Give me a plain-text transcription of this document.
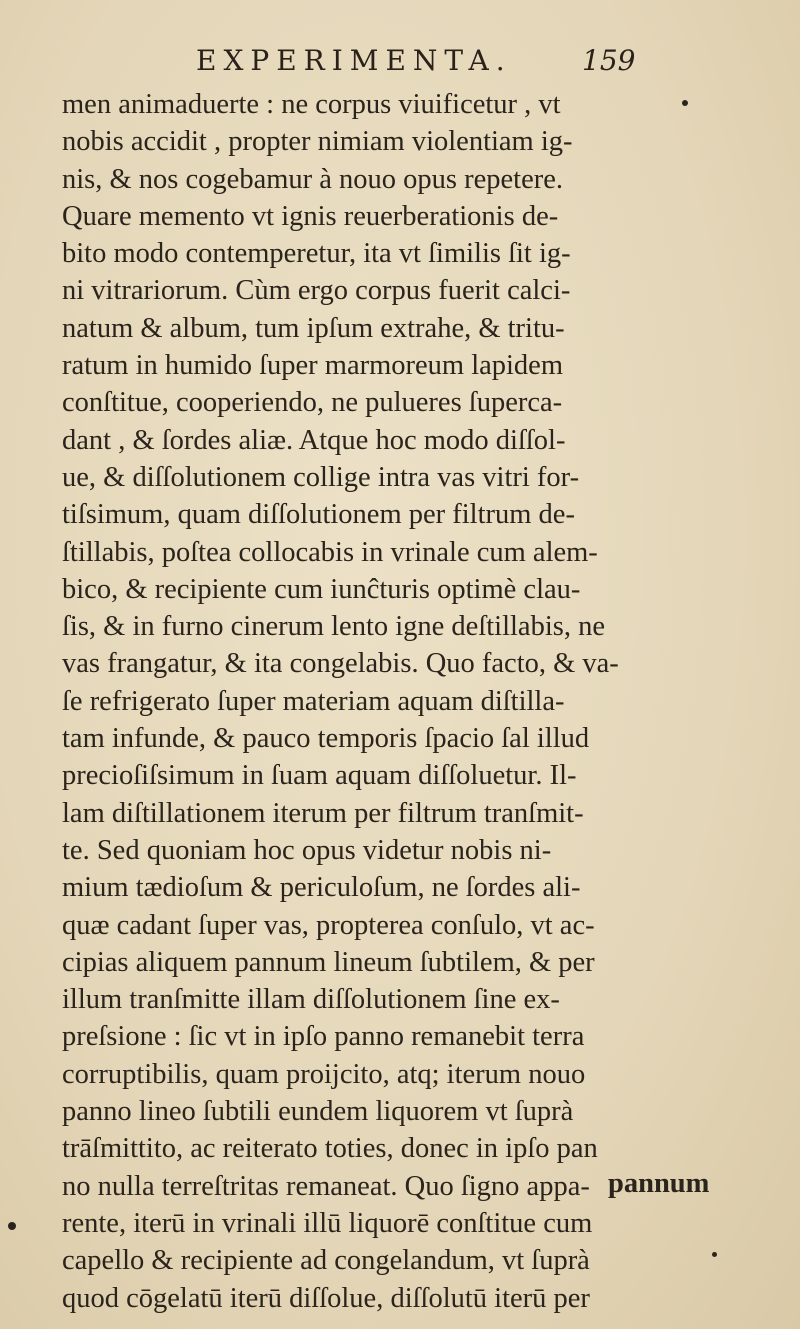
EXPERIMENTA.	159
men animaduerte : ne corpus viuificetur , vt
nobis accidit , propter nimiam violentiam ig-
nis, & nos cogebamur à nouo opus repetere.
Quare memento vt ignis reuerberationis de-
bito modo contemperetur, ita vt ſimilis ſit ig-
ni vitrariorum. Cùm ergo corpus fuerit calci-
natum & album, tum ipſum extrahe, & tritu-
ratum in humido ſuper marmoreum lapidem
conſtitue, cooperiendo, ne pulueres ſuperca-
dant , & ſordes aliæ. Atque hoc modo diſſol-
ue, & diſſolutionem collige intra vas vitri for-
tiſsimum, quam diſſolutionem per filtrum de-
ſtillabis, poſtea collocabis in vrinale cum alem-
bico, & recipiente cum iunĉturis optimè clau-
ſis, & in furno cinerum lento igne deſtillabis, ne
vas frangatur, & ita congelabis. Quo facto, & va-
ſe refrigerato ſuper materiam aquam diſtilla-
tam infunde, & pauco temporis ſpacio ſal illud
precioſiſsimum in ſuam aquam diſſoluetur. Il-
lam diſtillationem iterum per filtrum tranſmit-
te. Sed quoniam hoc opus videtur nobis ni-
mium tædioſum & periculoſum, ne ſordes ali-
quæ cadant ſuper vas, propterea conſulo, vt ac-
cipias aliquem pannum lineum ſubtilem, & per
illum tranſmitte illam diſſolutionem ſine ex-
preſsione : ſic vt in ipſo panno remanebit terra
corruptibilis, quam proijcito, atq; iterum nouo
panno lineo ſubtili eundem liquorem vt ſuprà
trāſmittito, ac reiterato toties, donec in ipſo pan
no nulla terreſtritas remaneat. Quo ſigno appa-
rente, iterū in vrinali illū liquorē conſtitue cum
capello & recipiente ad congelandum, vt ſuprà
quod cōgelatū iterū diſſolue, diſſolutū iterū per
pannum
